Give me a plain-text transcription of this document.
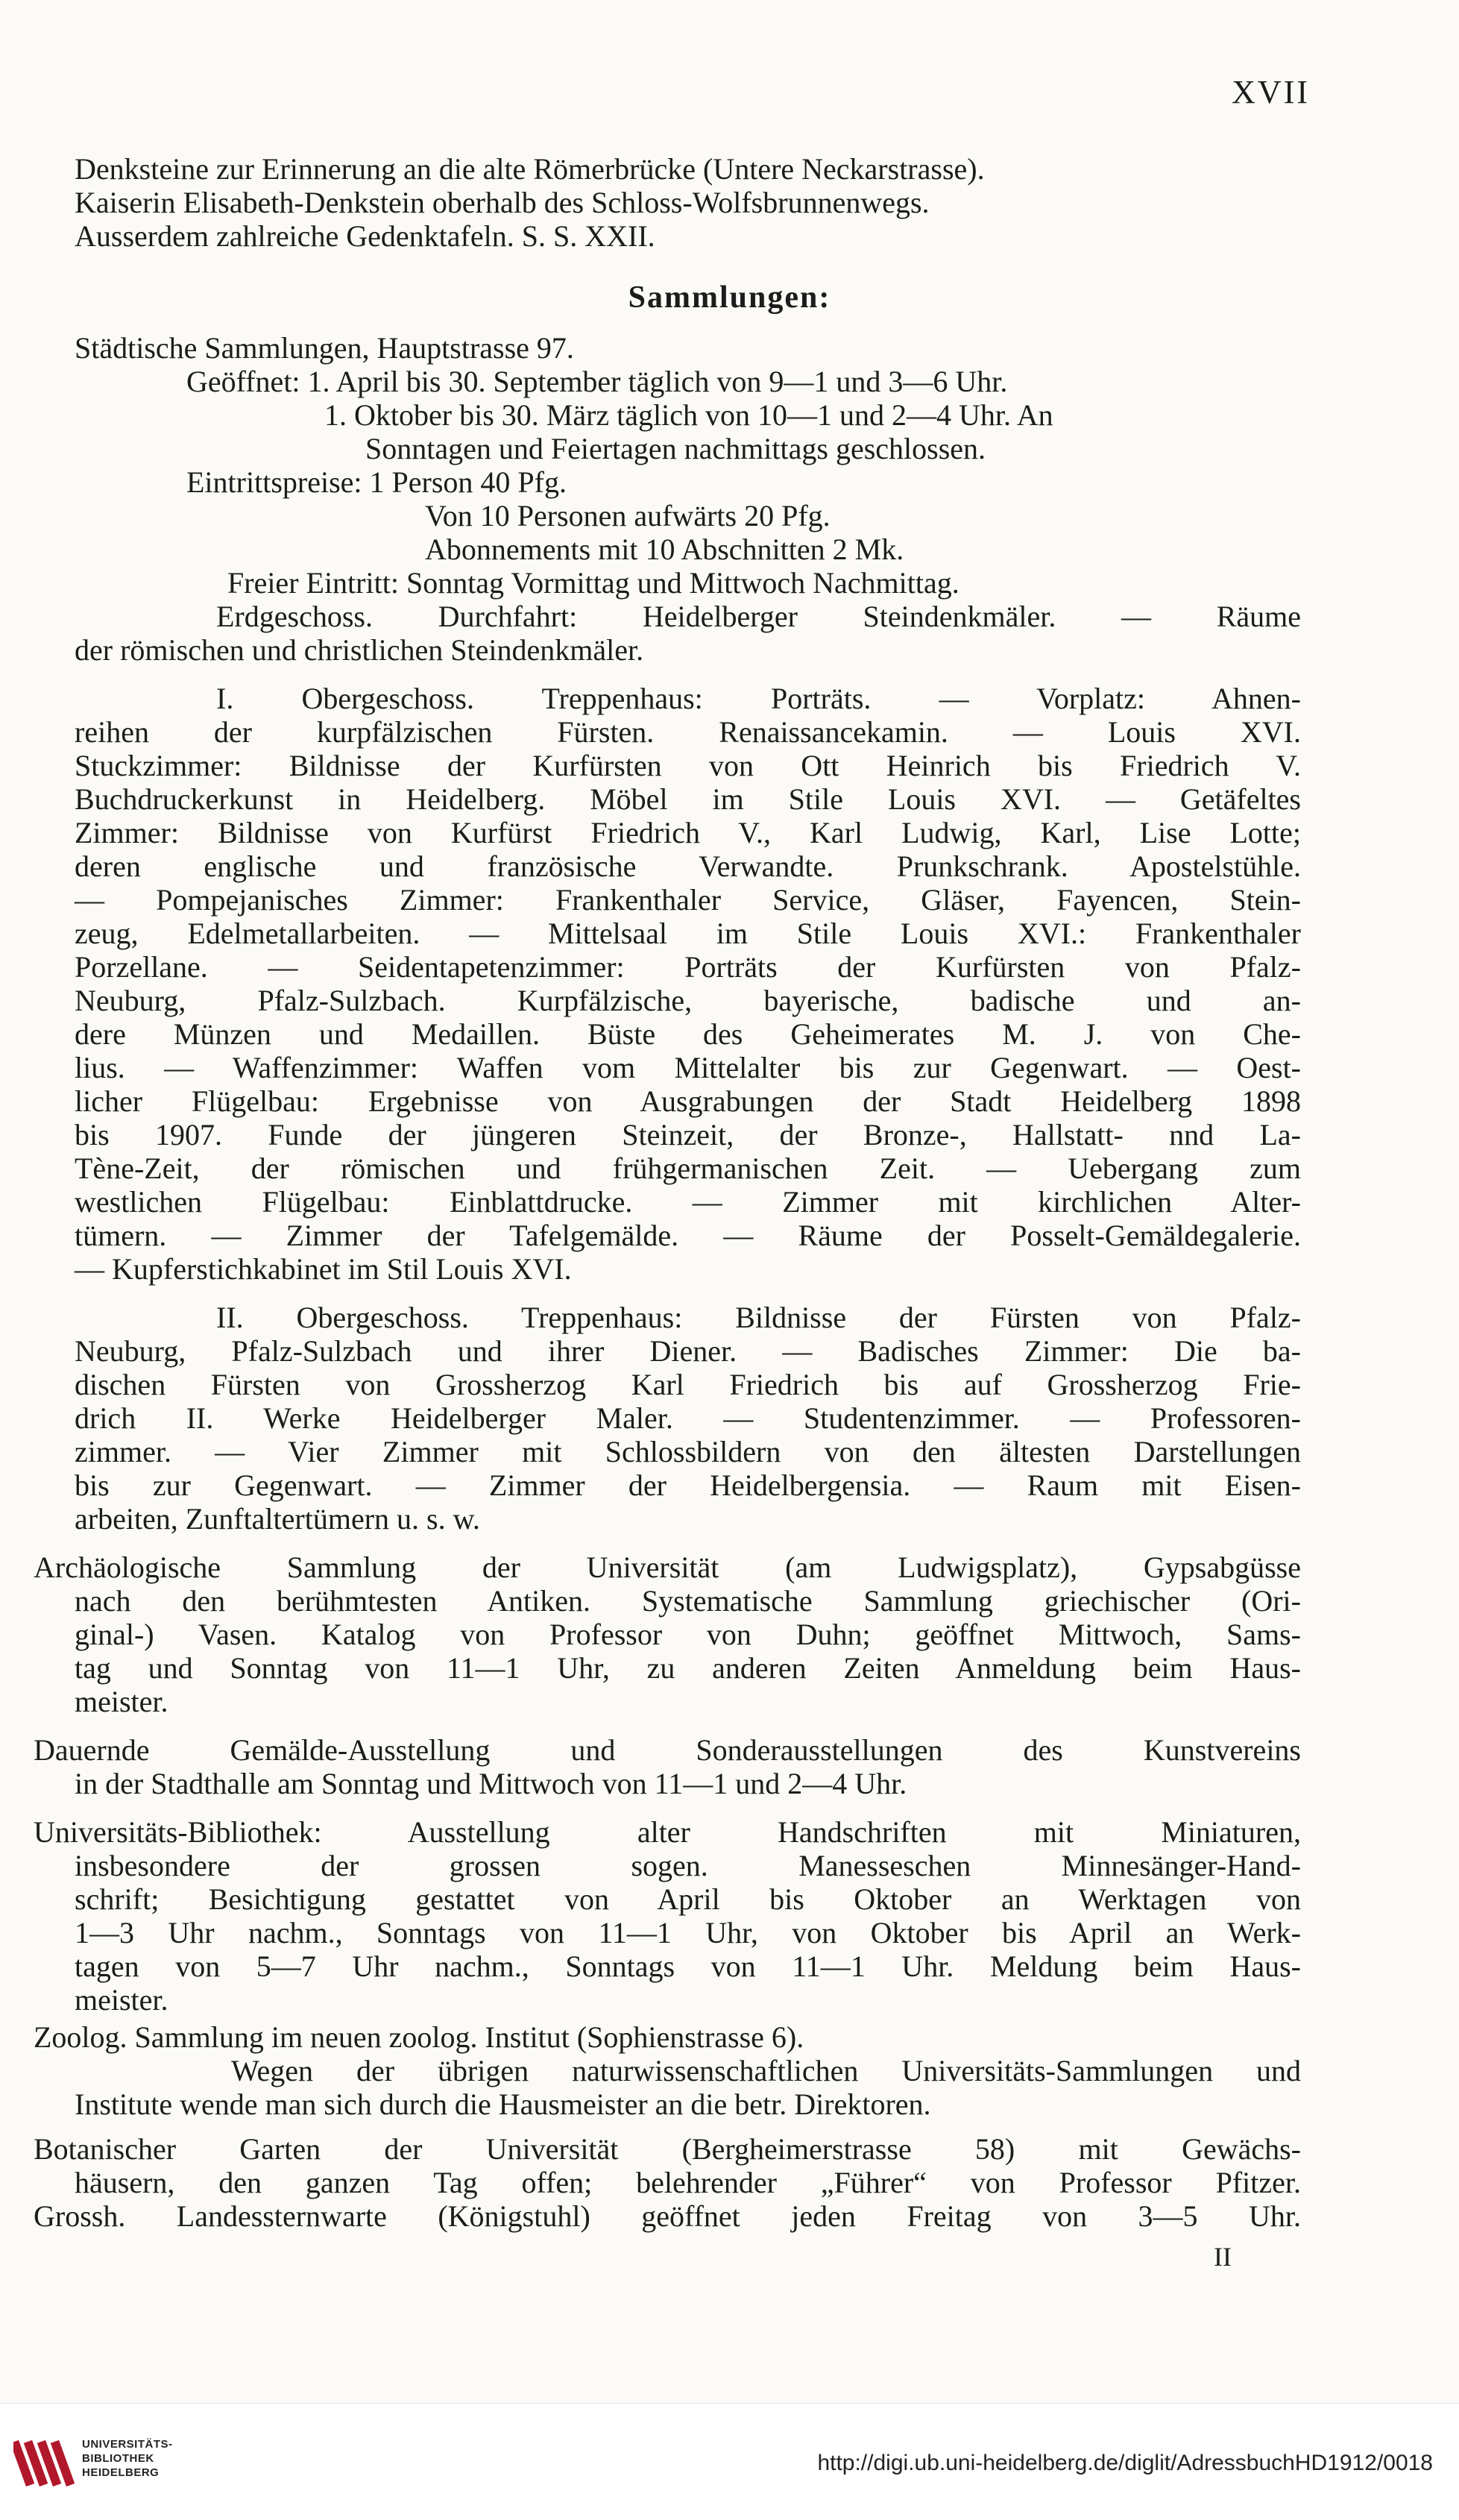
XVII

Denksteine zur Erinnerung an die alte Römerbrücke (Untere Neckarstrasse).

Kaiserin Elisabeth-Denkstein oberhalb des Schloss-Wolfsbrunnenwegs.

Ausserdem zahlreiche Gedenktafeln. S. S. XXII.

Sammlungen:

Städtische Sammlungen, Hauptstrasse 97.

Geöffnet: 1. April bis 30. September täglich von 9—1 und 3—6 Uhr.

1. Oktober bis 30. März täglich von 10—1 und 2—4 Uhr. An

Sonntagen und Feiertagen nachmittags geschlossen.

Eintrittspreise: 1 Person 40 Pfg.

Von 10 Personen aufwärts 20 Pfg.

Abonnements mit 10 Abschnitten 2 Mk.

Freier Eintritt: Sonntag Vormittag und Mittwoch Nachmittag.

Erdgeschoss. Durchfahrt: Heidelberger Steindenkmäler. — Räume

der römischen und christlichen Steindenkmäler.

I. Obergeschoss. Treppenhaus: Porträts. — Vorplatz: Ahnen-

reihen der kurpfälzischen Fürsten. Renaissancekamin. — Louis XVI.

Stuckzimmer: Bildnisse der Kurfürsten von Ott Heinrich bis Friedrich V.

Buchdruckerkunst in Heidelberg. Möbel im Stile Louis XVI. — Getäfeltes

Zimmer: Bildnisse von Kurfürst Friedrich V., Karl Ludwig, Karl, Lise Lotte;

deren englische und französische Verwandte. Prunkschrank. Apostelstühle.

— Pompejanisches Zimmer: Frankenthaler Service, Gläser, Fayencen, Stein-

zeug, Edelmetallarbeiten. — Mittelsaal im Stile Louis XVI.: Frankenthaler

Porzellane. — Seidentapetenzimmer: Porträts der Kurfürsten von Pfalz-

Neuburg, Pfalz-Sulzbach. Kurpfälzische, bayerische, badische und an-

dere Münzen und Medaillen. Büste des Geheimerates M. J. von Che-

lius. — Waffenzimmer: Waffen vom Mittelalter bis zur Gegenwart. — Oest-

licher Flügelbau: Ergebnisse von Ausgrabungen der Stadt Heidelberg 1898

bis 1907. Funde der jüngeren Steinzeit, der Bronze-, Hallstatt- nnd La-

Tène-Zeit, der römischen und frühgermanischen Zeit. — Uebergang zum

westlichen Flügelbau: Einblattdrucke. — Zimmer mit kirchlichen Alter-

tümern. — Zimmer der Tafelgemälde. — Räume der Posselt-Gemäldegalerie.

— Kupferstichkabinet im Stil Louis XVI.

II. Obergeschoss. Treppenhaus: Bildnisse der Fürsten von Pfalz-

Neuburg, Pfalz-Sulzbach und ihrer Diener. — Badisches Zimmer: Die ba-

dischen Fürsten von Grossherzog Karl Friedrich bis auf Grossherzog Frie-

drich II. Werke Heidelberger Maler. — Studentenzimmer. — Professoren-

zimmer. — Vier Zimmer mit Schlossbildern von den ältesten Darstellungen

bis zur Gegenwart. — Zimmer der Heidelbergensia. — Raum mit Eisen-

arbeiten, Zunftaltertümern u. s. w.

Archäologische Sammlung der Universität (am Ludwigsplatz), Gypsabgüsse

nach den berühmtesten Antiken. Systematische Sammlung griechischer (Ori-

ginal-) Vasen. Katalog von Professor von Duhn; geöffnet Mittwoch, Sams-

tag und Sonntag von 11—1 Uhr, zu anderen Zeiten Anmeldung beim Haus-

meister.

Dauernde Gemälde-Ausstellung und Sonderausstellungen des Kunstvereins

in der Stadthalle am Sonntag und Mittwoch von 11—1 und 2—4 Uhr.

Universitäts-Bibliothek: Ausstellung alter Handschriften mit Miniaturen,

insbesondere der grossen sogen. Manesseschen Minnesänger-Hand-

schrift; Besichtigung gestattet von April bis Oktober an Werktagen von

1—3 Uhr nachm., Sonntags von 11—1 Uhr, von Oktober bis April an Werk-

tagen von 5—7 Uhr nachm., Sonntags von 11—1 Uhr. Meldung beim Haus-

meister.

Zoolog. Sammlung im neuen zoolog. Institut (Sophienstrasse 6).

Wegen der übrigen naturwissenschaftlichen Universitäts-Sammlungen und

Institute wende man sich durch die Hausmeister an die betr. Direktoren.

Botanischer Garten der Universität (Bergheimerstrasse 58) mit Gewächs-

häusern, den ganzen Tag offen; belehrender „Führer“ von Professor Pfitzer.

Grossh. Landessternwarte (Königstuhl) geöffnet jeden Freitag von 3—5 Uhr.

II
UNIVERSITÄTS-
BIBLIOTHEK
HEIDELBERG	http://digi.ub.uni-heidelberg.de/diglit/AdressbuchHD1912/0018
